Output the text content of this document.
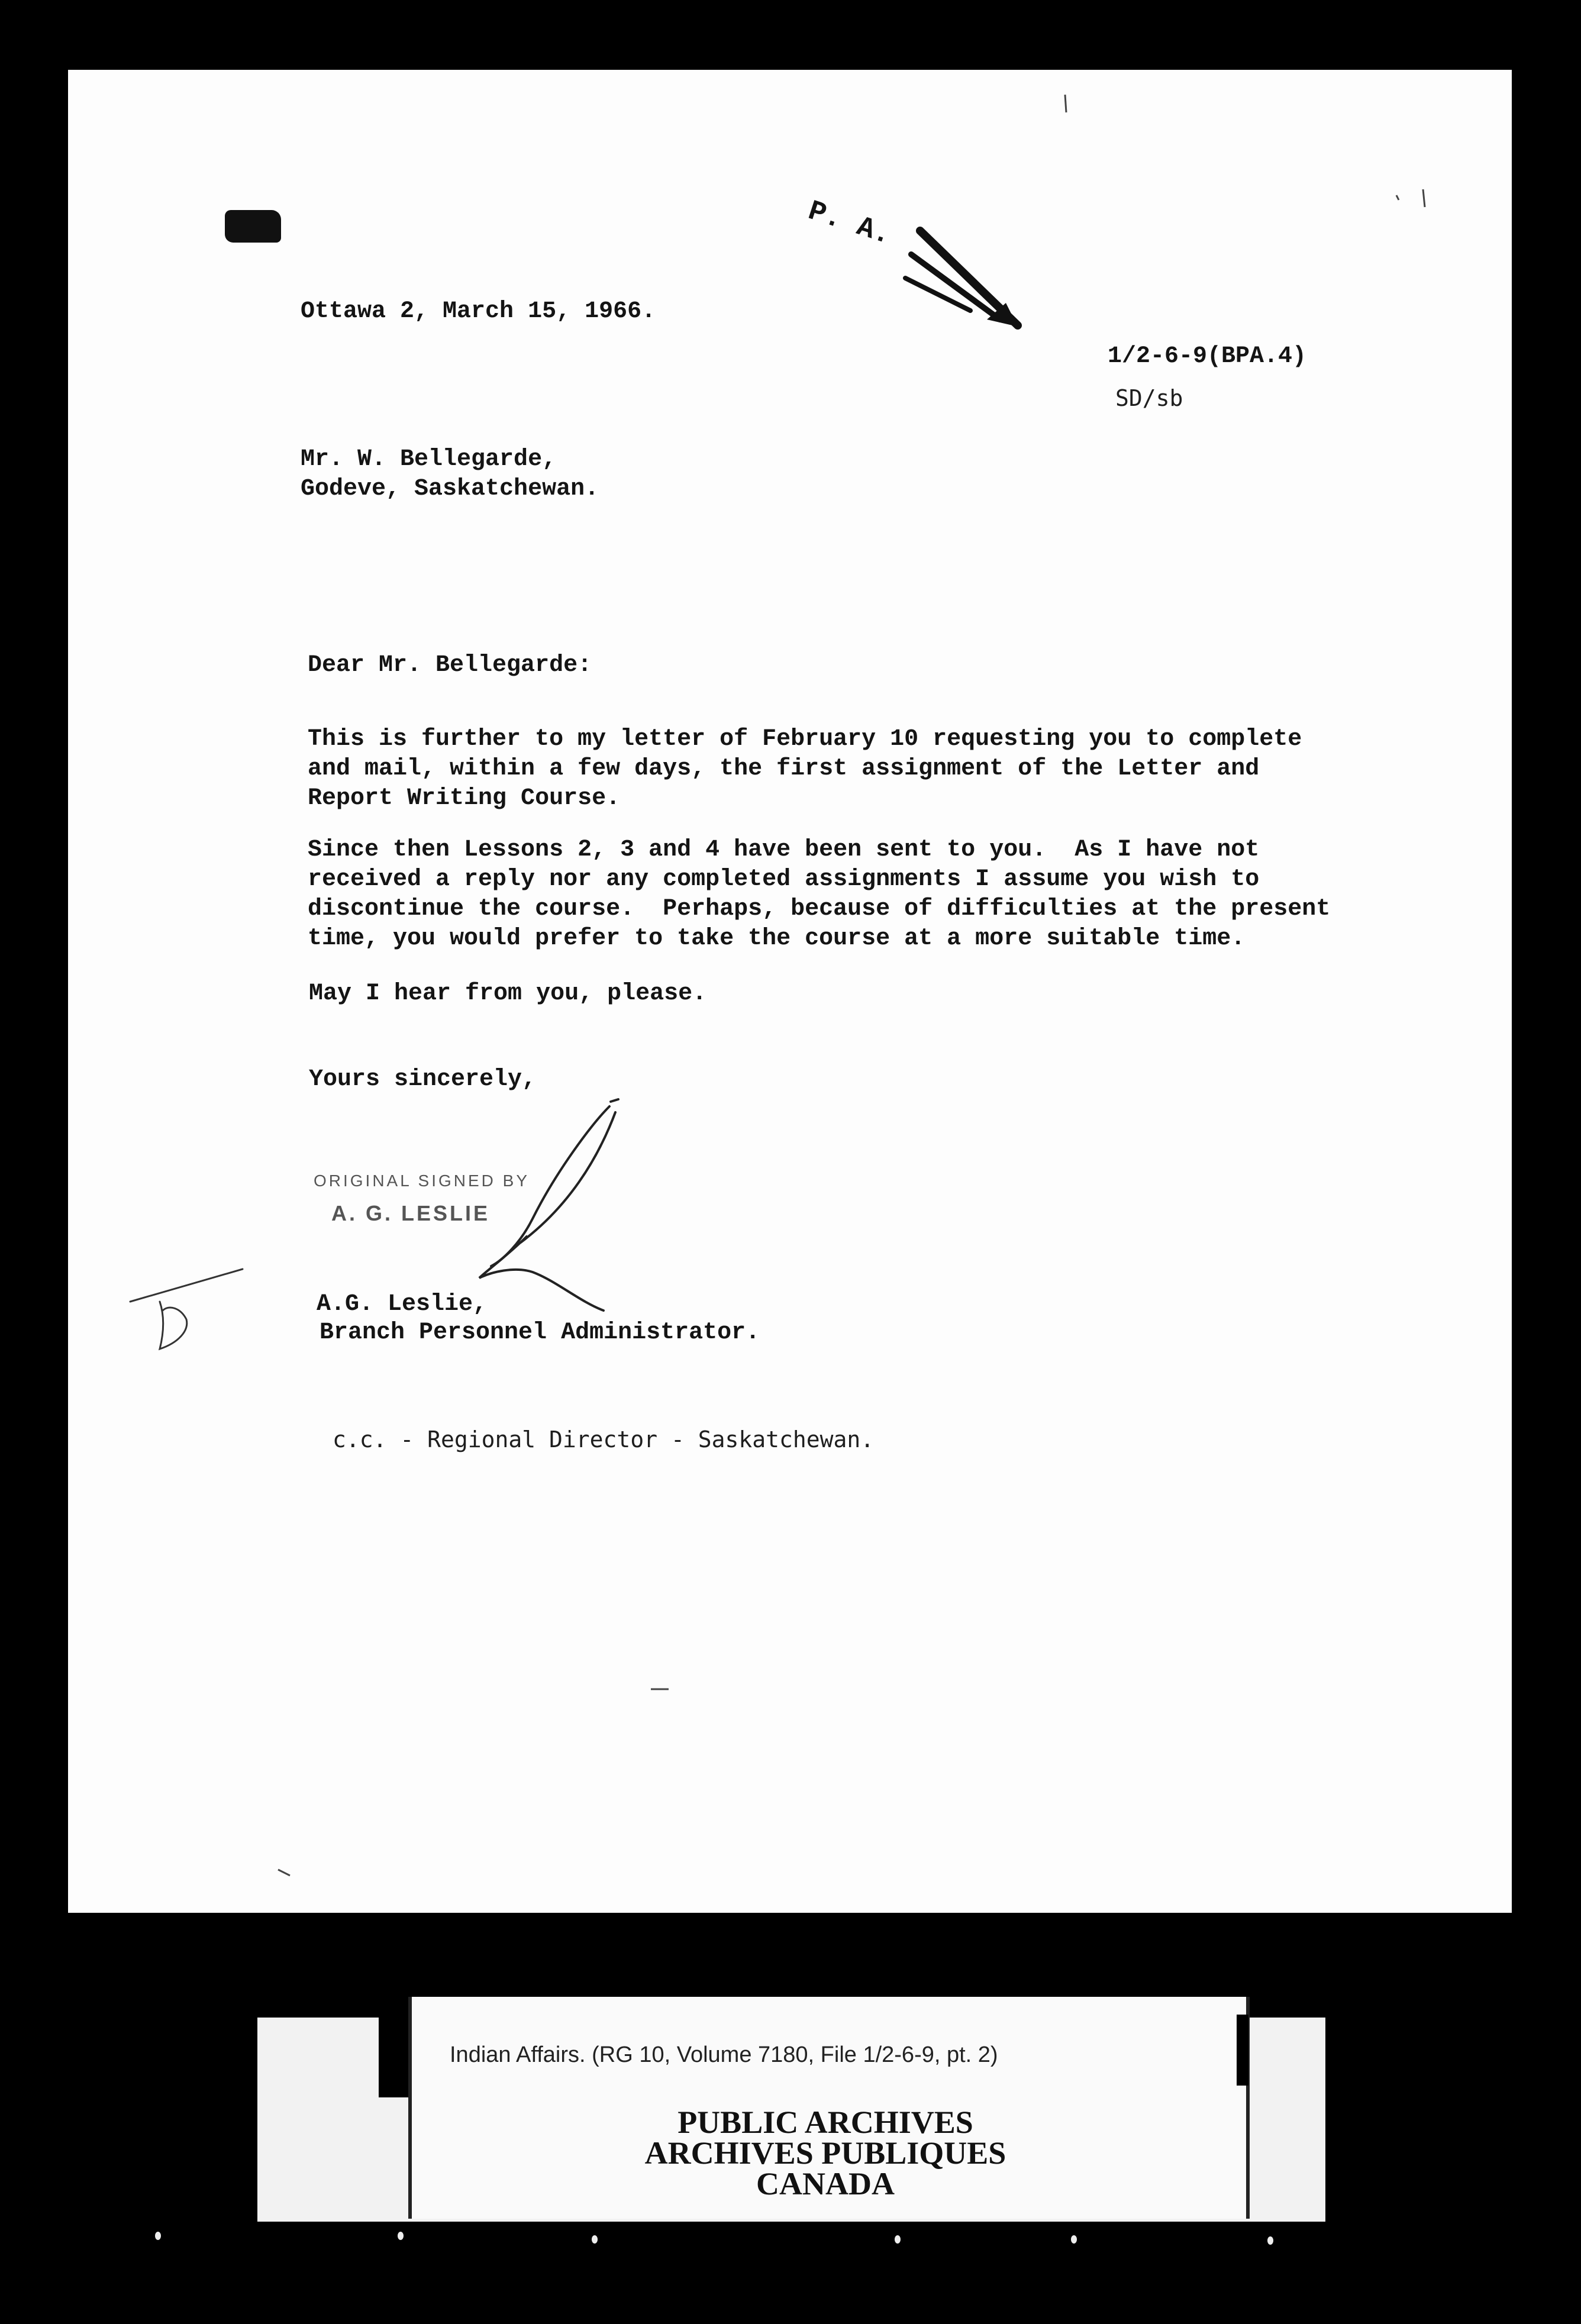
Ottawa 2, March 15, 1966.

P. A.

1/2-6-9(BPA.4)

SD/sb

Mr. W. Bellegarde,

Godeve, Saskatchewan.

Dear Mr. Bellegarde:

This is further to my letter of February 10 requesting you to complete

and mail, within a few days, the first assignment of the Letter and

Report Writing Course.

Since then Lessons 2, 3 and 4 have been sent to you.  As I have not

received a reply nor any completed assignments I assume you wish to

discontinue the course.  Perhaps, because of difficulties at the present

time, you would prefer to take the course at a more suitable time.

May I hear from you, please.

Yours sincerely,

ORIGINAL SIGNED BY

A. G. LESLIE

A.G. Leslie,

Branch Personnel Administrator.

c.c. - Regional Director - Saskatchewan.

Indian Affairs. (RG 10, Volume 7180, File 1/2-6-9, pt. 2)

PUBLIC ARCHIVES

ARCHIVES PUBLIQUES

CANADA
